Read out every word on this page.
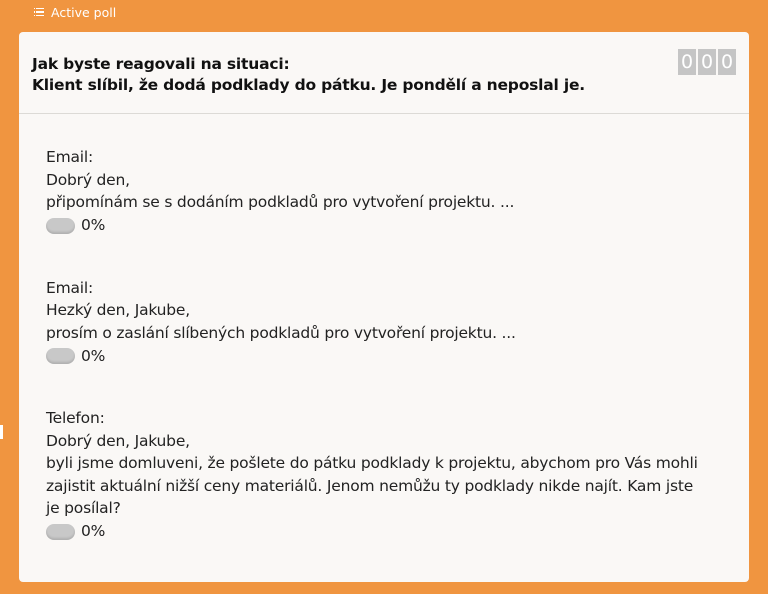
Active poll
Jak byste reagovali na situaci:
Klient slíbil, že dodá podklady do pátku. Je pondělí a neposlal je.
0 0 0
Email:
Dobrý den,
připomínám se s dodáním podkladů pro vytvoření projektu. ...
0%
Email:
Hezký den, Jakube,
prosím o zaslání slíbených podkladů pro vytvoření projektu. ...
0%
Telefon:
Dobrý den, Jakube,
byli jsme domluveni, že pošlete do pátku podklady k projektu, abychom pro Vás mohli
zajistit aktuální nižší ceny materiálů. Jenom nemůžu ty podklady nikde najít. Kam jste
je posílal?
0%
